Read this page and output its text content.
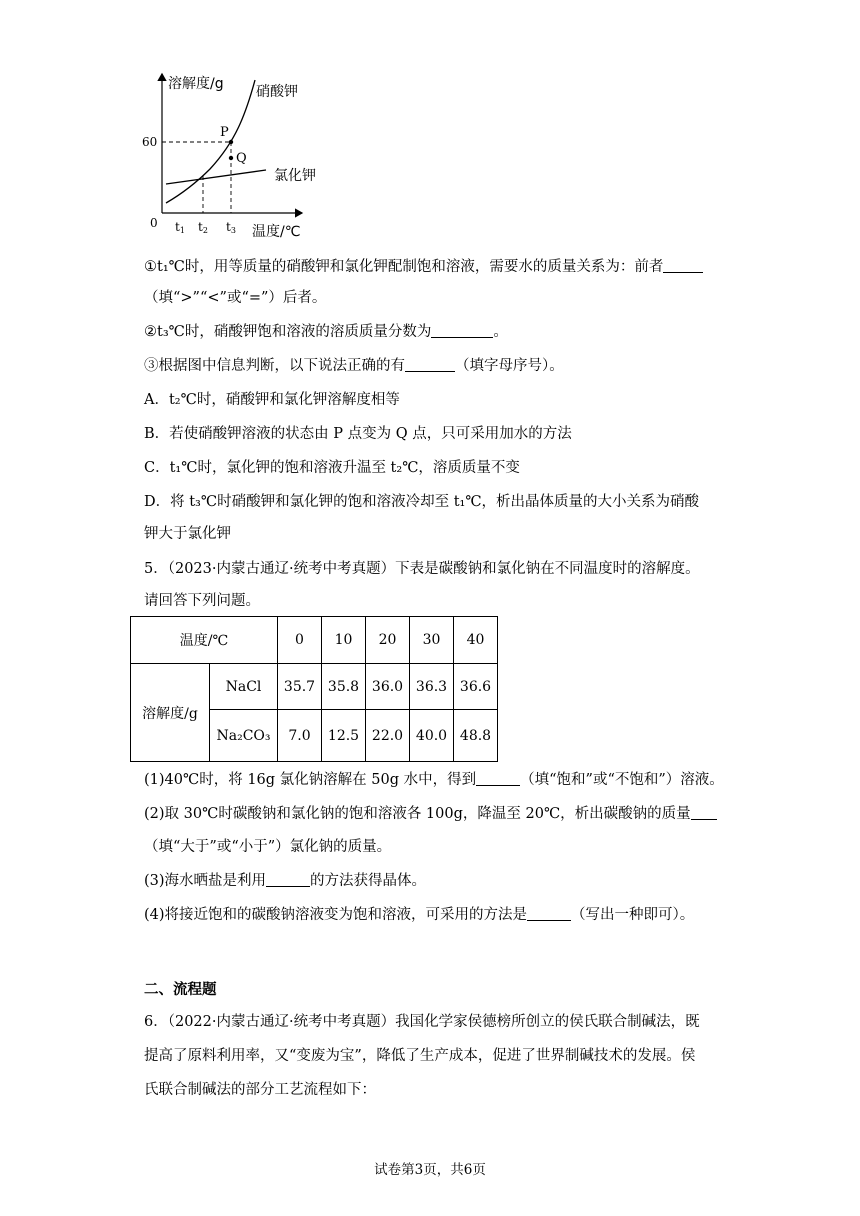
溶解度/g
温度/℃
0
60
t1 t2 t3
硝酸钾
氯化钾
P
Q
①t₁℃时，用等质量的硝酸钾和氯化钾配制饱和溶液，需要水的质量关系为：前者
（填“>”“<”或“=”）后者。
②t₃℃时，硝酸钾饱和溶液的溶质质量分数为	。
③根据图中信息判断，以下说法正确的有	（填字母序号）。
A．t₂℃时，硝酸钾和氯化钾溶解度相等
B．若使硝酸钾溶液的状态由 P 点变为 Q 点，只可采用加水的方法
C．t₁℃时，氯化钾的饱和溶液升温至 t₂℃，溶质质量不变
D．将 t₃℃时硝酸钾和氯化钾的饱和溶液冷却至 t₁℃，析出晶体质量的大小关系为硝酸
钾大于氯化钾
5．（2023·内蒙古通辽·统考中考真题）下表是碳酸钠和氯化钠在不同温度时的溶解度。
请回答下列问题。
温度/℃		0	10	20	30	40
溶解度/g	NaCl	35.7	35.8	36.0	36.3	36.6
	Na₂CO₃	7.0	12.5	22.0	40.0	48.8
(1)40℃时，将 16g 氯化钠溶解在 50g 水中，得到	（填“饱和”或“不饱和”）溶液。
(2)取 30℃时碳酸钠和氯化钠的饱和溶液各 100g，降温至 20℃，析出碳酸钠的质量
（填“大于”或“小于”）氯化钠的质量。
(3)海水晒盐是利用	的方法获得晶体。
(4)将接近饱和的碳酸钠溶液变为饱和溶液，可采用的方法是	（写出一种即可）。
二、流程题
6．（2022·内蒙古通辽·统考中考真题）我国化学家侯德榜所创立的侯氏联合制碱法，既
提高了原料利用率，又“变废为宝”，降低了生产成本，促进了世界制碱技术的发展。侯
氏联合制碱法的部分工艺流程如下：
试卷第3页，共6页
